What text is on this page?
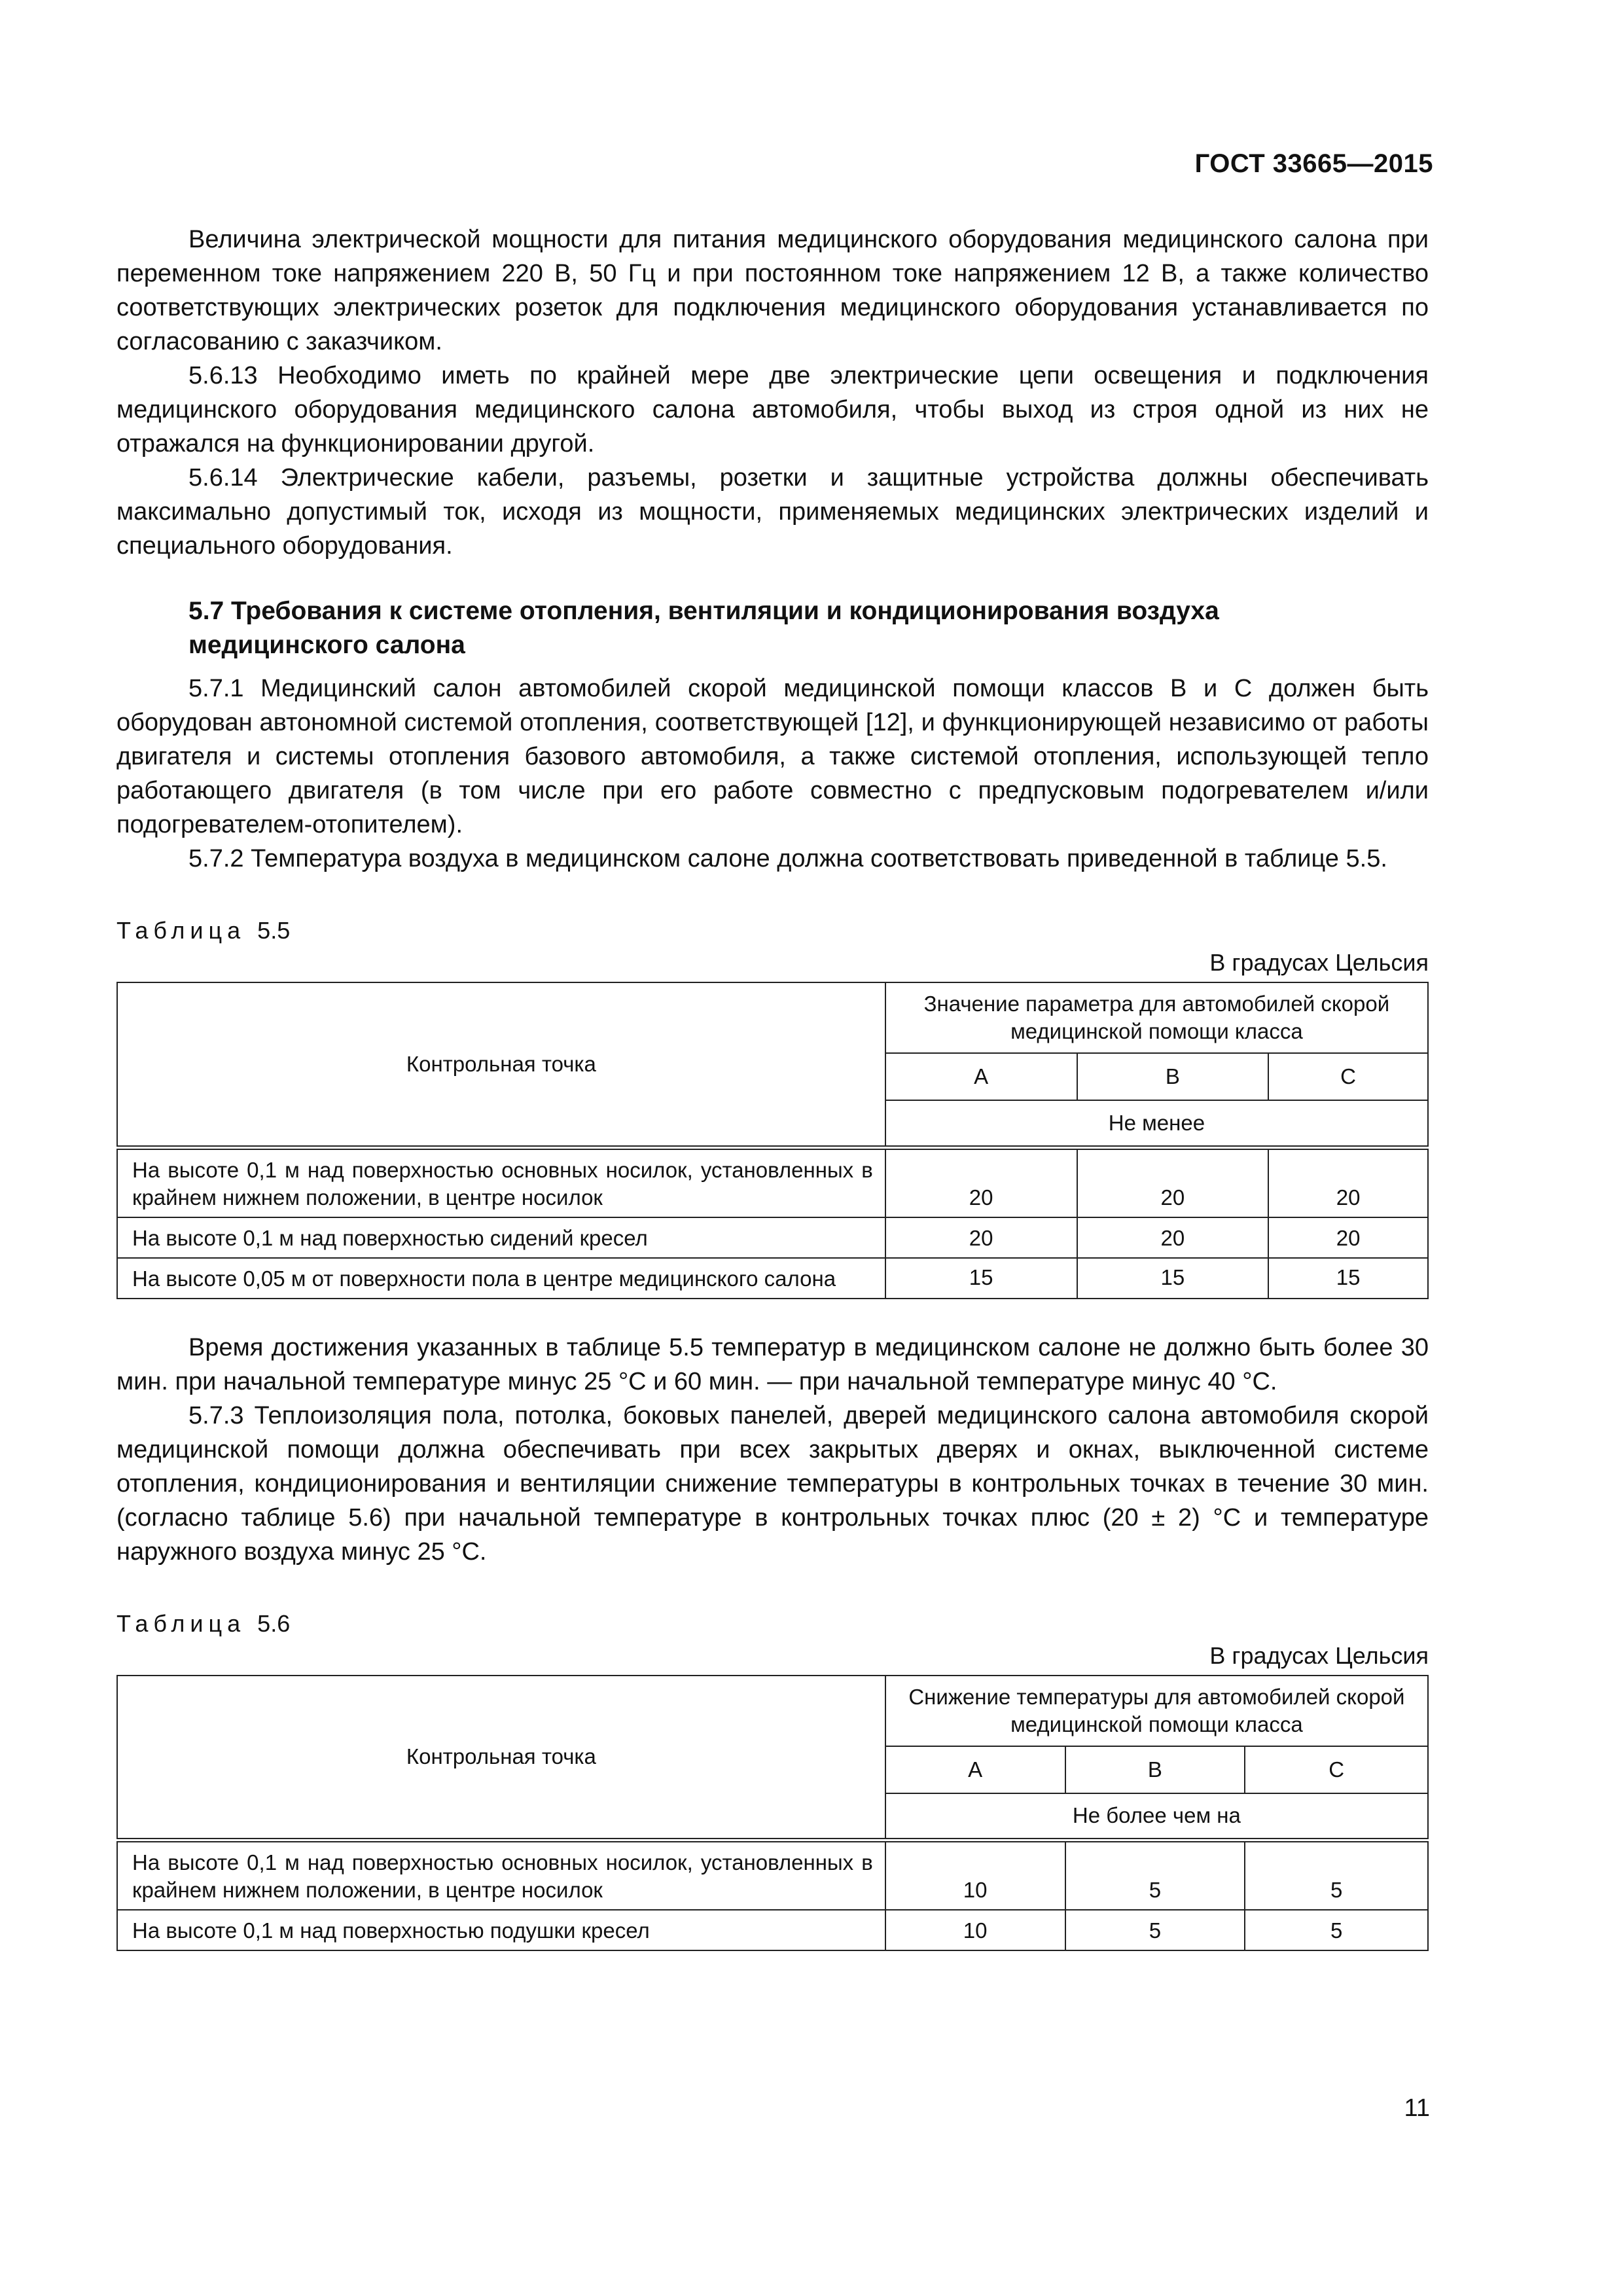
ГОСТ 33665—2015

Величина электрической мощности для питания медицинского оборудования медицинского салона при переменном токе напряжением 220 В, 50 Гц и при постоянном токе напряжением 12 В, а также количество соответствующих электрических розеток для подключения медицинского оборудования устанавливается по согласованию с заказчиком.

5.6.13 Необходимо иметь по крайней мере две электрические цепи освещения и подключения медицинского оборудования медицинского салона автомобиля, чтобы выход из строя одной из них не отражался на функционировании другой.

5.6.14 Электрические кабели, разъемы, розетки и защитные устройства должны обеспечивать максимально допустимый ток, исходя из мощности, применяемых медицинских электрических изделий и специального оборудования.

5.7 Требования к системе отопления, вентиляции и кондиционирования воздуха медицинского салона

5.7.1 Медицинский салон автомобилей скорой медицинской помощи классов В и С должен быть оборудован автономной системой отопления, соответствующей [12], и функционирующей независимо от работы двигателя и системы отопления базового автомобиля, а также системой отопления, использующей тепло работающего двигателя (в том числе при его работе совместно с предпусковым подогревателем и/или подогревателем-отопителем).

5.7.2 Температура воздуха в медицинском салоне должна соответствовать приведенной в таблице 5.5.

Таблица 5.5
В градусах Цельсия
Контрольная точка	Значение параметра для автомобилей скорой медицинской помощи класса		
	А	В	С
	Не менее		
На высоте 0,1 м над поверхностью основных носилок, установленных в крайнем нижнем положении, в центре носилок	20	20	20
На высоте 0,1 м над поверхностью сидений кресел	20	20	20
На высоте 0,05 м от поверхности пола в центре медицинского салона	15	15	15

Время достижения указанных в таблице 5.5 температур в медицинском салоне не должно быть более 30 мин. при начальной температуре минус 25 °С и 60 мин. — при начальной температуре минус 40 °С.

5.7.3 Теплоизоляция пола, потолка, боковых панелей, дверей медицинского салона автомобиля скорой медицинской помощи должна обеспечивать при всех закрытых дверях и окнах, выключенной системе отопления, кондиционирования и вентиляции снижение температуры в контрольных точках в течение 30 мин. (согласно таблице 5.6) при начальной температуре в контрольных точках плюс (20 ± 2) °С и температуре наружного воздуха минус 25 °С.

Таблица 5.6
В градусах Цельсия
Контрольная точка	Снижение температуры для автомобилей скорой медицинской помощи класса		
	А	В	С
	Не более чем на		
На высоте 0,1 м над поверхностью основных носилок, установленных в крайнем нижнем положении, в центре носилок	10	5	5
На высоте 0,1 м над поверхностью подушки кресел	10	5	5
11
